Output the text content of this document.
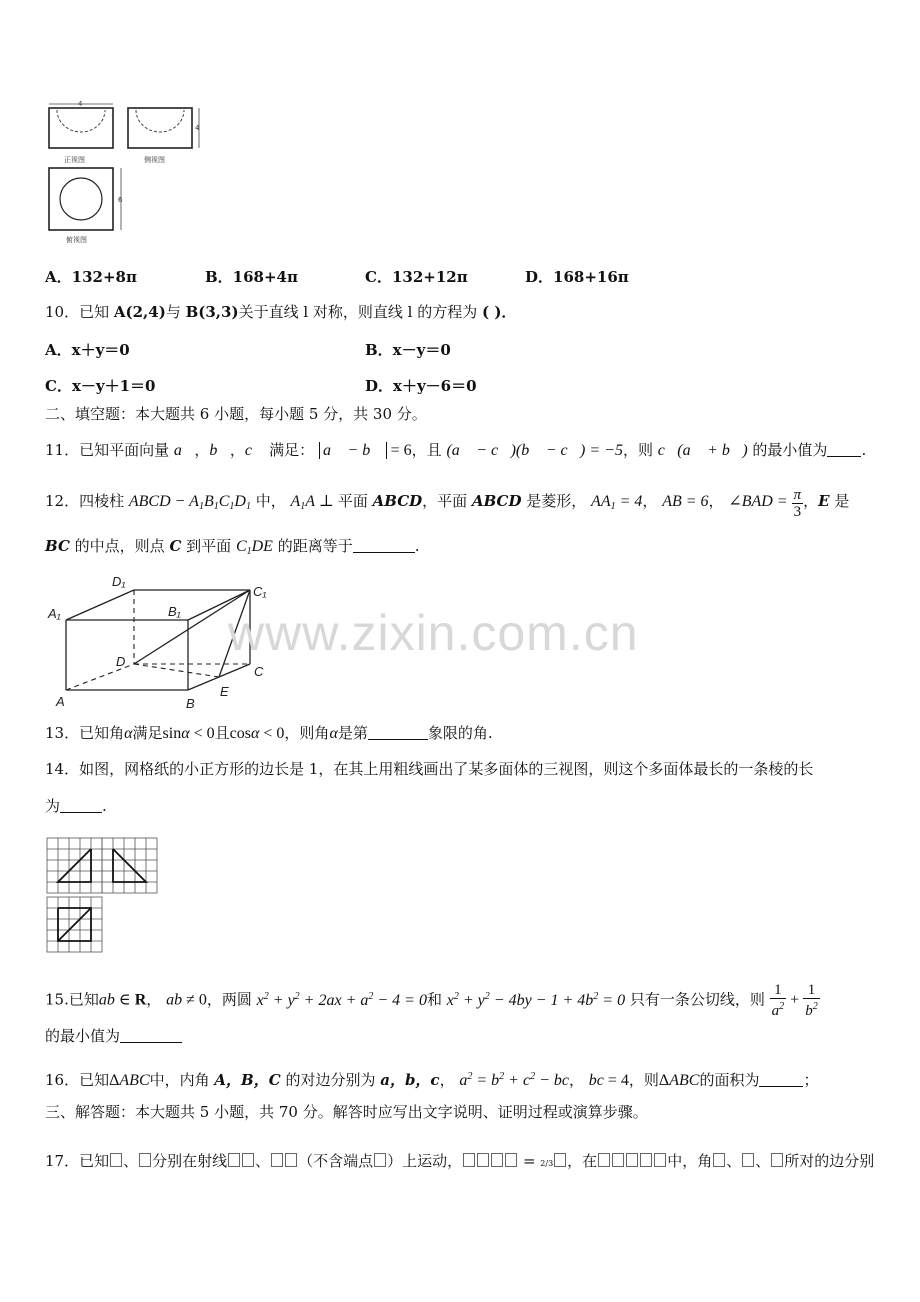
4
4
正视图	侧视图
6
俯视图
A．132+8π	B．168+4π	C．132+12π	D．168+16π
10．已知 A(2,4)与 B(3,3)关于直线 l 对称，则直线 l 的方程为 ( )．
A．x＋y＝0	B．x－y＝0
C．x－y＋1＝0	D．x＋y－6＝0
二、填空题：本大题共 6 小题，每小题 5 分，共 30 分。
11．已知平面向量 a⃗，b⃗，c⃗ 满足： a⃗ − b⃗ = 6，且 (a⃗ − c⃗)(b⃗ − c⃗) = −5，则 c⃗(a⃗ + b⃗) 的最小值为 .
12．四棱柱 ABCD − $A_1B_1C_1D_1$ 中， $A_1A$ ⊥ 平面 ABCD，平面 ABCD 是菱形， $AA_1 = 4$， AB = 6， ∠BAD = $\frac{\pi}{3}$ ，E 是
BC 的中点，则点 C 到平面 $C_1DE$ 的距离等于	.
D₁
C₁
A₁	B₁
D
C
A	B
E
www.zixin.com.cn
13．已知角α满足sinα < 0且cosα < 0，则角α是第	象限的角.
14．如图，网格纸的小正方形的边长是 1，在其上用粗线画出了某多面体的三视图，则这个多面体最长的一条棱的长
为	.
15.已知ab ∈ R， ab ≠ 0，两圆 $x^2 + y^2 + 2ax + a^2 - 4 = 0$和 $x^2 + y^2 - 4by - 1 + 4b^2 = 0$ 只有一条公切线，则 $\frac{1}{a^2} + \frac{1}{b^2}$
的最小值为
16．已知ΔABC中，内角 A，B，C 的对边分别为 a，b，c， $a^2 = b^2 + c^2$ − bc， bc = 4，则ΔABC的面积为	；
三、解答题：本大题共 5 小题，共 70 分。解答时应写出文字说明、证明过程或演算步骤。
17．已知 、 分别在射线 、 （不含端点 ）上运动，	= 2/3 ，在	中，角 、 、 所对的边分别
